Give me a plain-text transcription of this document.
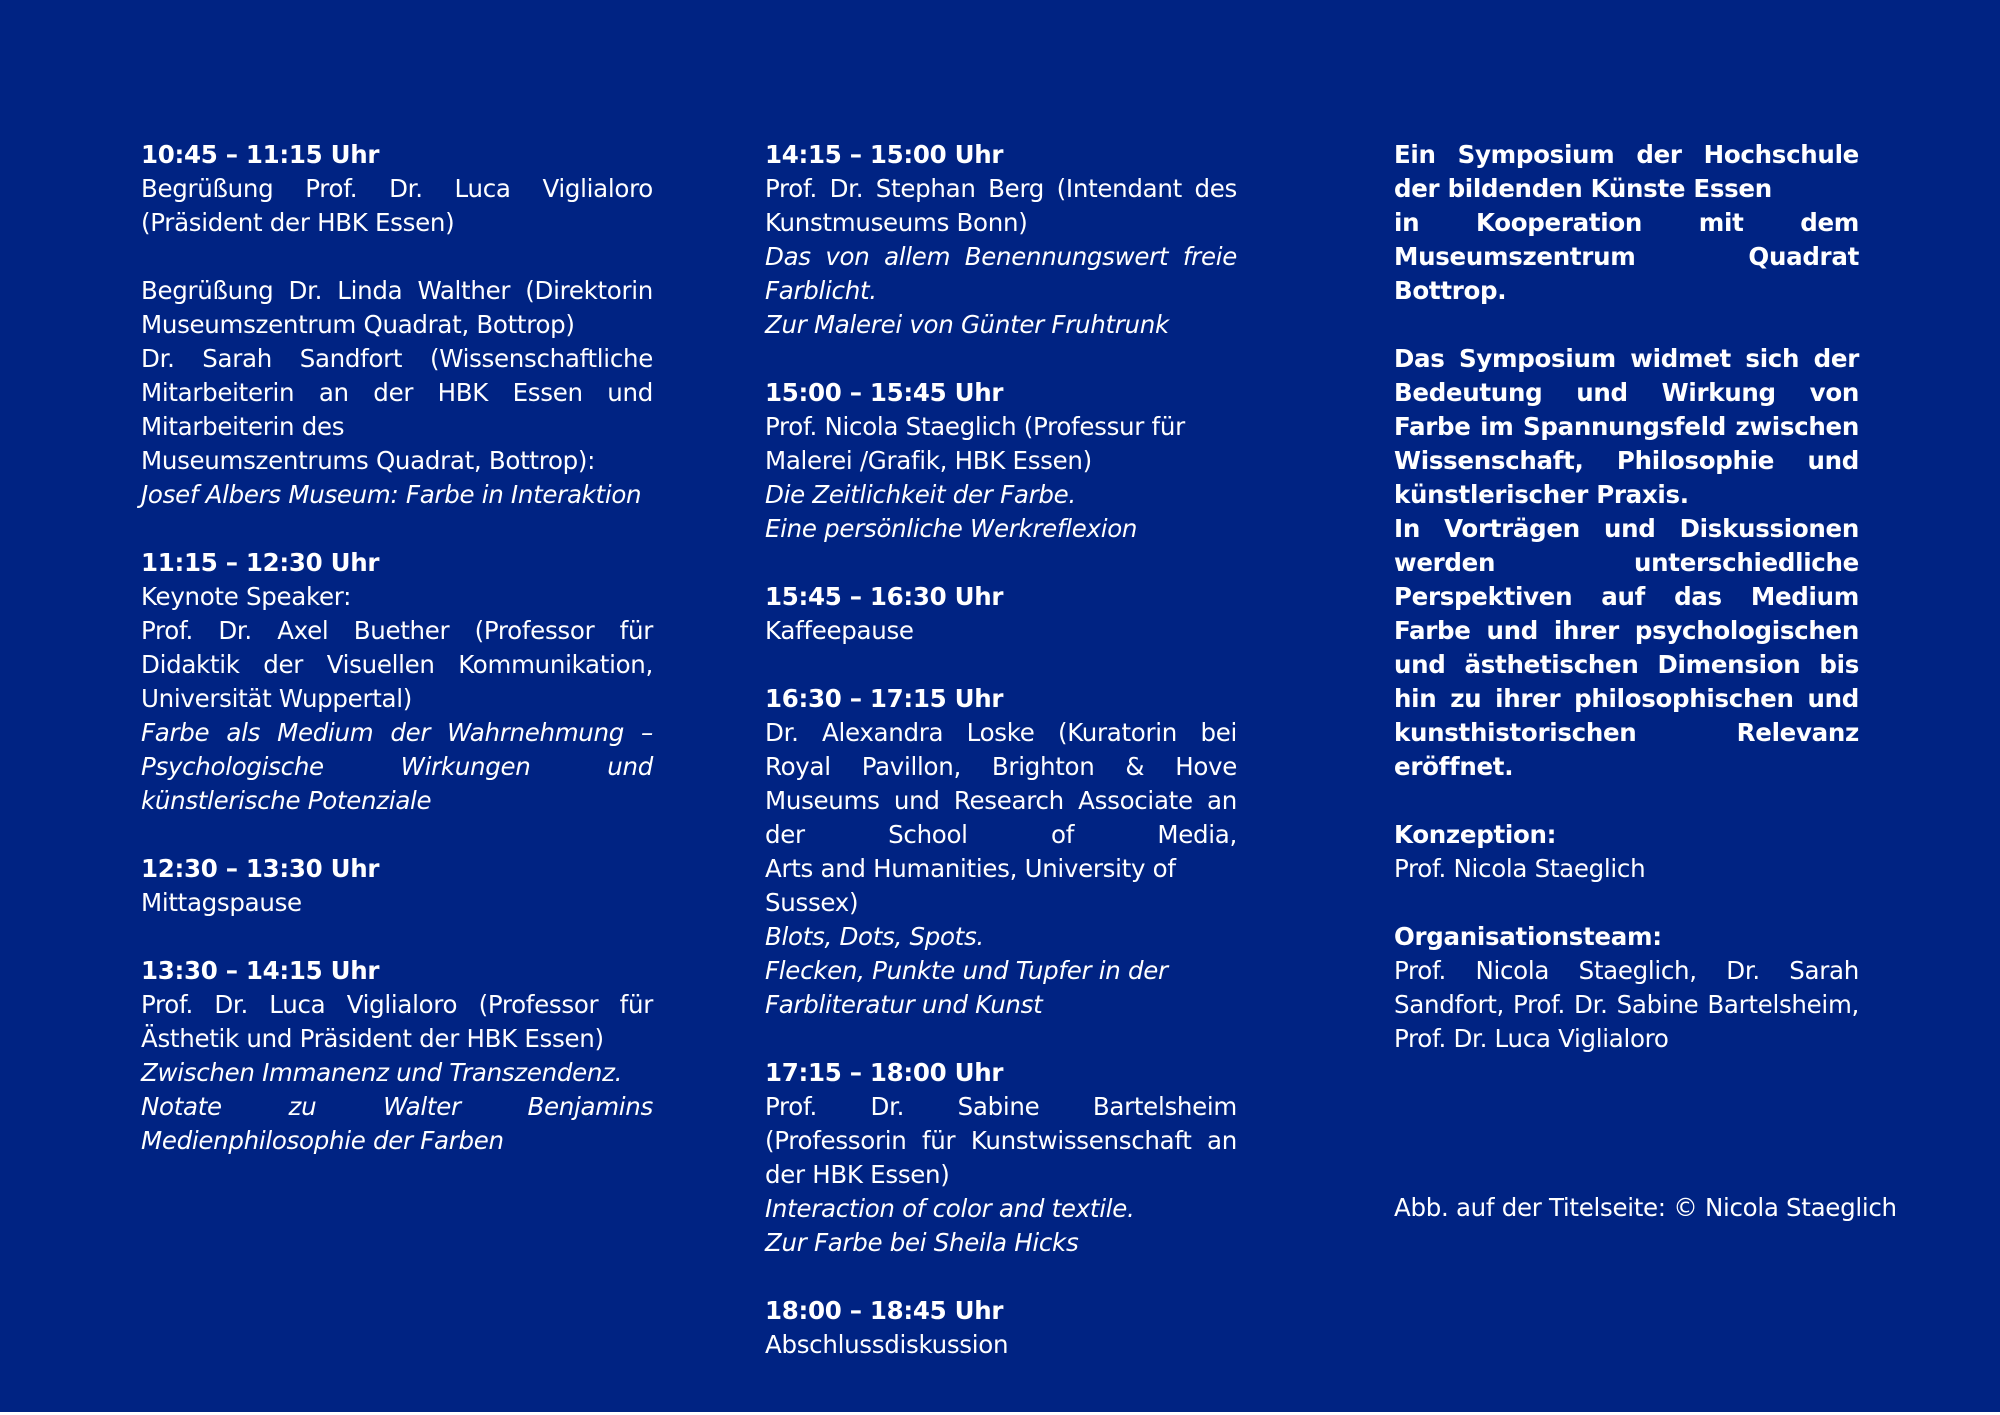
10:45 – 11:15 Uhr
Begrüßung Prof. Dr. Luca Viglialoro (Präsident der HBK Essen)
Begrüßung Dr. Linda Walther (Direktorin Museumszentrum Quadrat, Bottrop)
Dr. Sarah Sandfort (Wissenschaftliche Mitarbeiterin an der HBK Essen und Mitarbeiterin des
Museumszentrums Quadrat, Bottrop):
Josef Albers Museum: Farbe in Interaktion
11:15 – 12:30 Uhr
Keynote Speaker:
Prof. Dr. Axel Buether (Professor für Didaktik der Visuellen Kommunikation, Universität Wuppertal)
Farbe als Medium der Wahrnehmung – Psychologische Wirkungen und künstlerische Potenziale
12:30 – 13:30 Uhr
Mittagspause
13:30 – 14:15 Uhr
Prof. Dr. Luca Viglialoro (Professor für Ästhetik und Präsident der HBK Essen)
Zwischen Immanenz und Transzendenz.
Notate zu Walter Benjamins Medienphilosophie der Farben
14:15 – 15:00 Uhr
Prof. Dr. Stephan Berg (Intendant des Kunstmuseums Bonn)
Das von allem Benennungswert freie Farblicht.
Zur Malerei von Günter Fruhtrunk
15:00 – 15:45 Uhr
Prof. Nicola Staeglich (Professur für
Malerei /Grafik, HBK Essen)
Die Zeitlichkeit der Farbe.
Eine persönliche Werkreflexion
15:45 – 16:30 Uhr
Kaffeepause
16:30 – 17:15 Uhr
Dr. Alexandra Loske (Kuratorin bei Royal Pavillon, Brighton & Hove Museums und Research Associate an der School of Media,
Arts and Humanities, University of Sussex)
Blots, Dots, Spots.
Flecken, Punkte und Tupfer in der Farbliteratur und Kunst
17:15 – 18:00 Uhr
Prof. Dr. Sabine Bartelsheim (Professorin für Kunstwissenschaft an der HBK Essen)
Interaction of color and textile.
Zur Farbe bei Sheila Hicks
18:00 – 18:45 Uhr
Abschlussdiskussion
Ein Symposium der Hochschule der bildenden Künste Essen
in Kooperation mit dem Museumszentrum Quadrat Bottrop.
Das Symposium widmet sich der Bedeutung und Wirkung von Farbe im Spannungsfeld zwischen Wissenschaft, Philosophie und künstlerischer Praxis.
In Vorträgen und Diskussionen werden unterschiedliche Perspektiven auf das Medium Farbe und ihrer psychologischen und ästhetischen Dimension bis hin zu ihrer philosophischen und kunsthistorischen Relevanz eröffnet.
Konzeption:
Prof. Nicola Staeglich
Organisationsteam:
Prof. Nicola Staeglich, Dr. Sarah Sandfort, Prof. Dr. Sabine Bartelsheim, Prof. Dr. Luca Viglialoro
Abb. auf der Titelseite: © Nicola Staeglich
